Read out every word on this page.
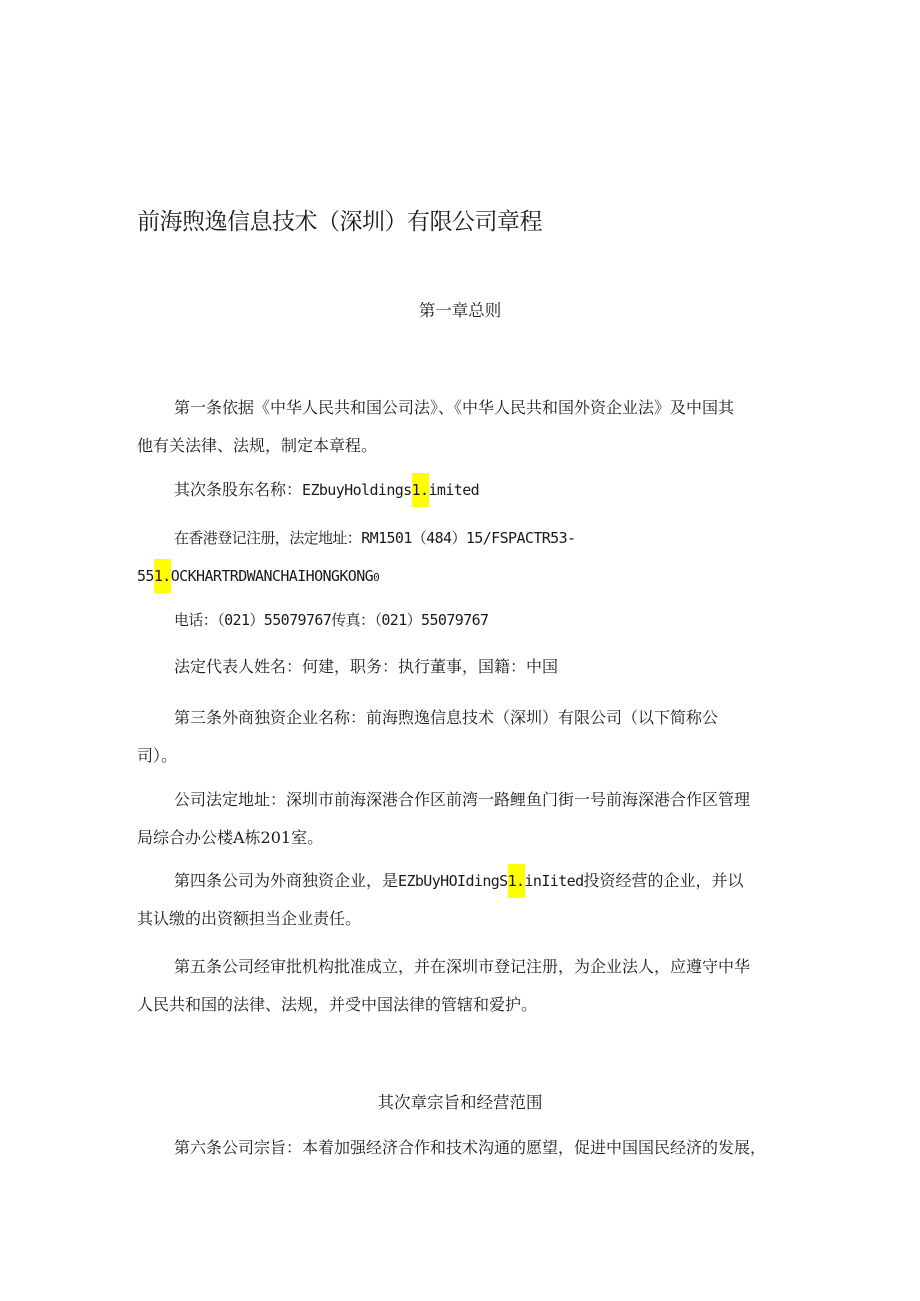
前海煦逸信息技术（深圳）有限公司章程
第一章总则
第一条依据《中华人民共和国公司法》、《中华人民共和国外资企业法》及中国其
他有关法律、法规，制定本章程。
其次条股东名称：EZbuyHoldings1.imited
在香港登记注册，法定地址：RM1501（484）15/FSPACTR53-
551.OCKHARTRDWANCHAIHONGKONG0
电话：（021）55079767传真：（021）55079767
法定代表人姓名：何建，职务：执行董事，国籍：中国
第三条外商独资企业名称：前海煦逸信息技术（深圳）有限公司（以下简称公
司）。
公司法定地址：深圳市前海深港合作区前湾一路鲤鱼门街一号前海深港合作区管理
局综合办公楼A栋201室。
第四条公司为外商独资企业，是EZbUyHOIdingS1.inIited投资经营的企业，并以
其认缴的出资额担当企业责任。
第五条公司经审批机构批准成立，并在深圳市登记注册，为企业法人，应遵守中华
人民共和国的法律、法规，并受中国法律的管辖和爱护。
其次章宗旨和经营范围
第六条公司宗旨：本着加强经济合作和技术沟通的愿望，促进中国国民经济的发展，
